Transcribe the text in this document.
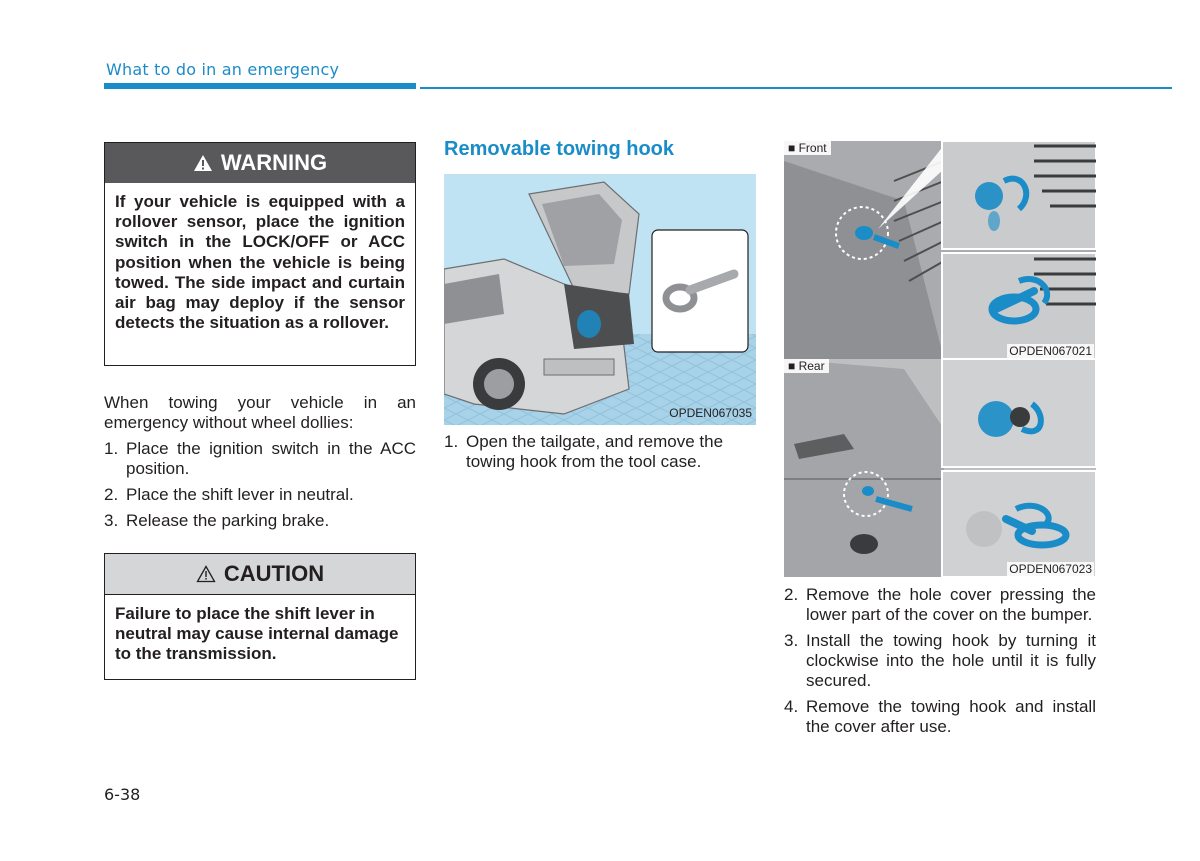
What to do in an emergency
WARNING
If your vehicle is equipped with a rollover sensor, place the ignition switch in the LOCK/OFF or ACC position when the vehicle is being towed. The side impact and curtain air bag may deploy if the sensor detects the situation as a rollover.
When towing your vehicle in an emergency without wheel dollies:
1. Place the ignition switch in the ACC position.
2. Place the shift lever in neutral.
3. Release the parking brake.
CAUTION
Failure to place the shift lever in neutral may cause internal damage to the transmission.
Removable towing hook
OPDEN067035
1. Open the tailgate, and remove the towing hook from the tool case.
■ Front
OPDEN067021
■ Rear
OPDEN067023
2. Remove the hole cover pressing the lower part of the cover on the bumper.
3. Install the towing hook by turning it clockwise into the hole until it is fully secured.
4. Remove the towing hook and install the cover after use.
6-38
